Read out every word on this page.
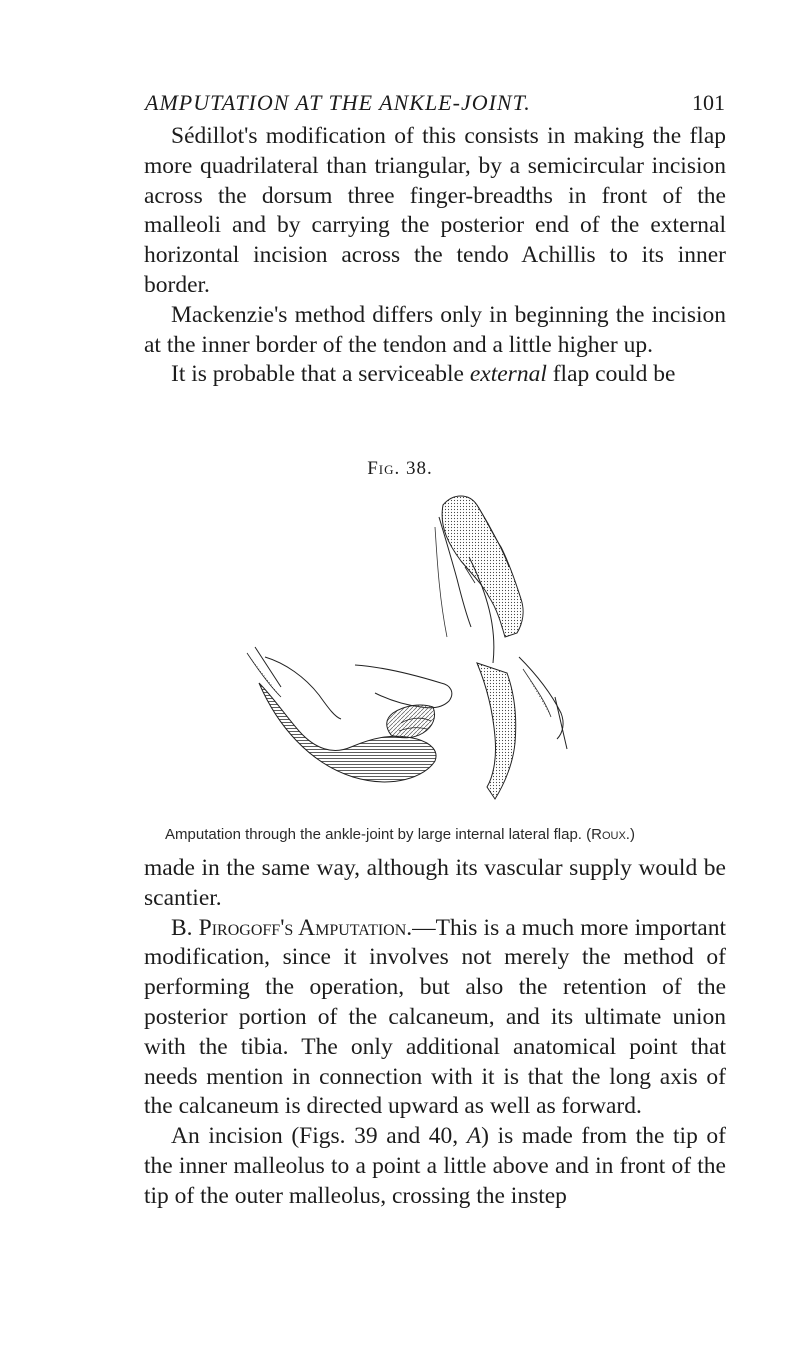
AMPUTATION AT THE ANKLE-JOINT.	101

Sédillot's modification of this consists in making the flap more quadrilateral than triangular, by a semicircular incision across the dorsum three finger-breadths in front of the malleoli and by carrying the posterior end of the external horizontal incision across the tendo Achillis to its inner border.

Mackenzie's method differs only in beginning the incision at the inner border of the tendon and a little higher up.

It is probable that a serviceable external flap could be

Fig. 38.
Amputation through the ankle-joint by large internal lateral flap. (Roux.)

made in the same way, although its vascular supply would be scantier.

B. Pirogoff's Amputation.—This is a much more important modification, since it involves not merely the method of performing the operation, but also the retention of the posterior portion of the calcaneum, and its ultimate union with the tibia. The only additional anatomical point that needs mention in connection with it is that the long axis of the calcaneum is directed upward as well as forward.

An incision (Figs. 39 and 40, A) is made from the tip of the inner malleolus to a point a little above and in front of the tip of the outer malleolus, crossing the instep
